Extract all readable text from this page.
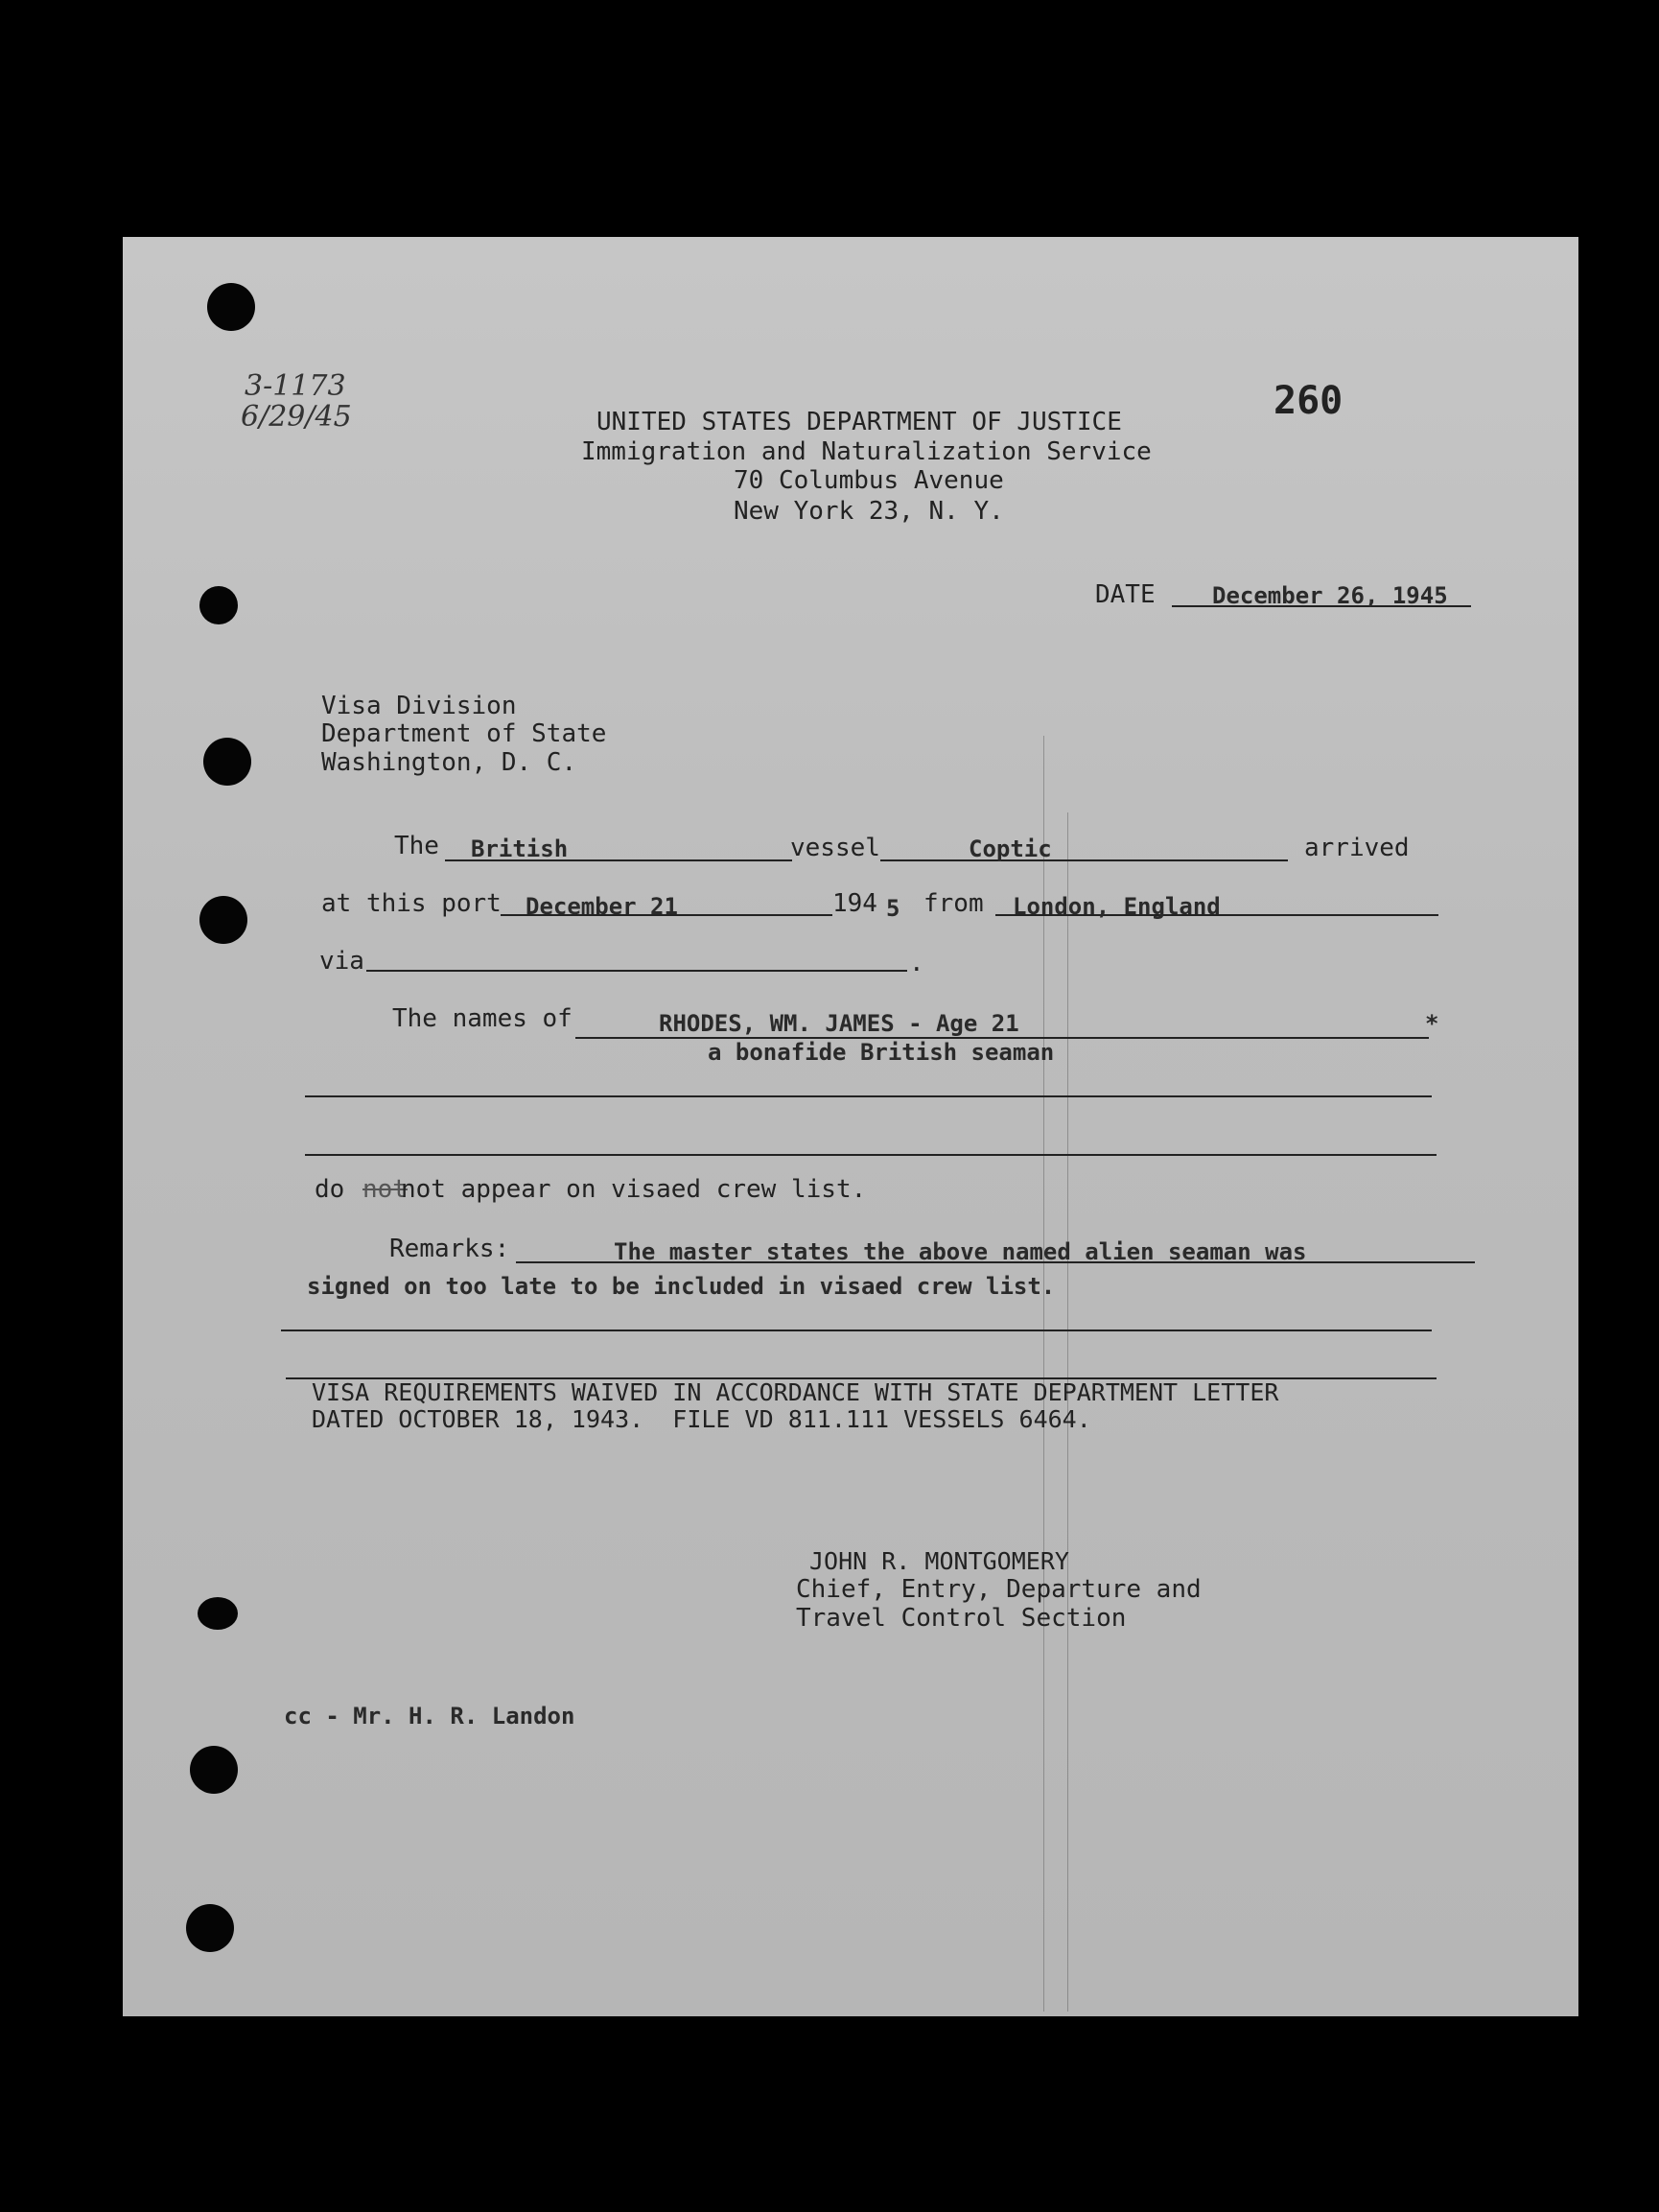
3-1173
6/29/45	260
UNITED STATES DEPARTMENT OF JUSTICE
Immigration and Naturalization Service
70 Columbus Avenue
New York 23, N. Y.
DATE December 26, 1945
Visa Division
Department of State
Washington, D. C.
The British	vessel	Coptic	arrived
at this port December 21	194 5 from London, England
via	.
The names of	RHODES, WM. JAMES - Age 21	*
a bonafide British seaman
do not
not appear on visaed crew list.
Remarks:	The master states the above named alien seaman was
signed on too late to be included in visaed crew list.
VISA REQUIREMENTS WAIVED IN ACCORDANCE WITH STATE DEPARTMENT LETTER
DATED OCTOBER 18, 1943.  FILE VD 811.111 VESSELS 6464.
JOHN R. MONTGOMERY
Chief, Entry, Departure and
Travel Control Section
cc - Mr. H. R. Landon
